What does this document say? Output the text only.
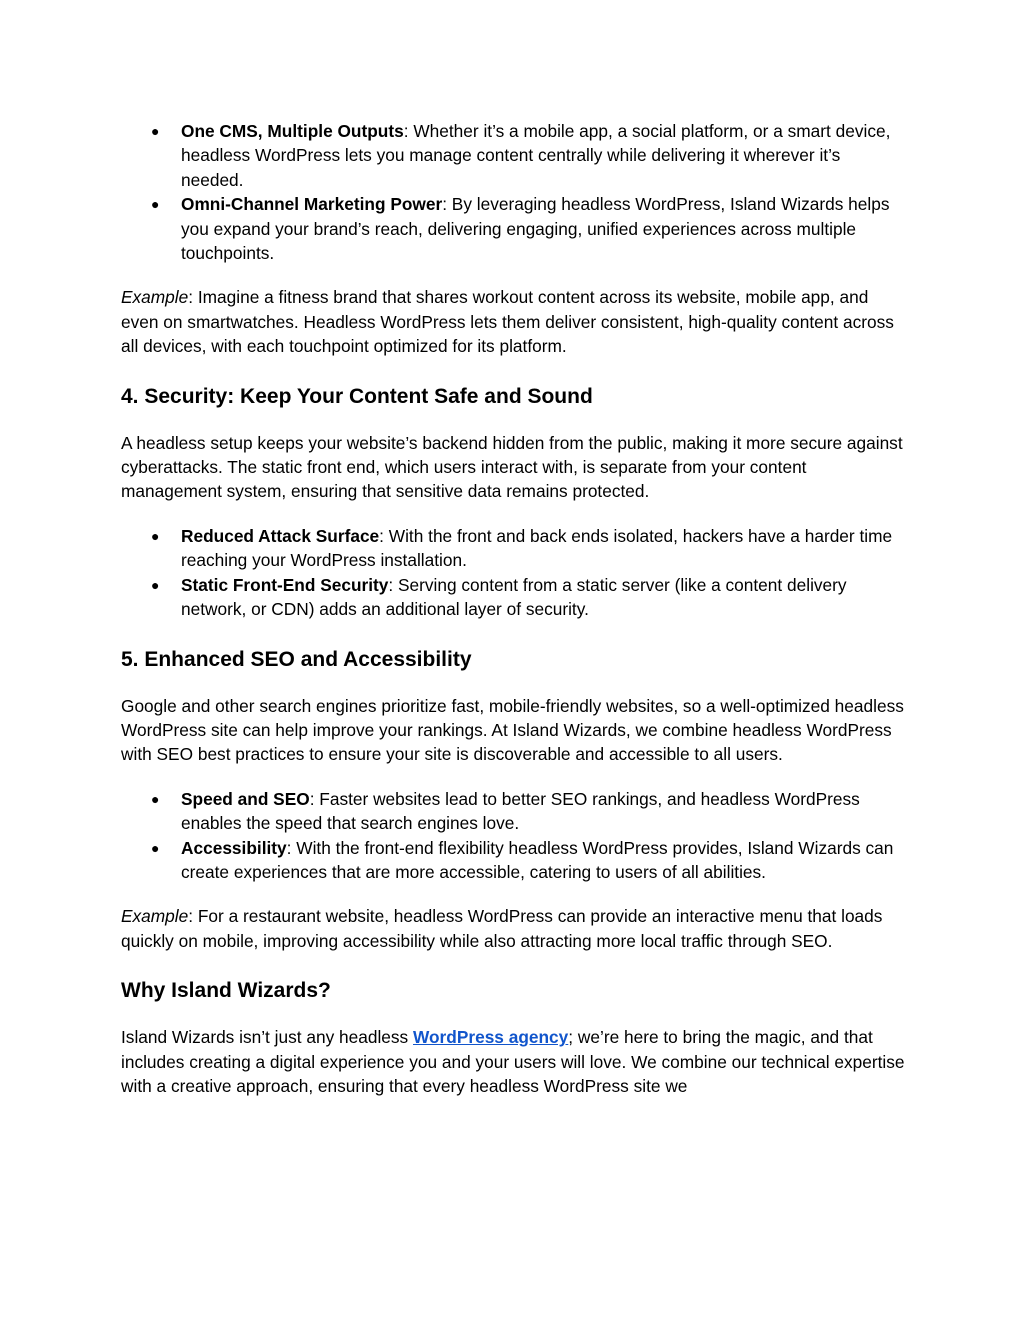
● One CMS, Multiple Outputs: Whether it’s a mobile app, a social platform, or a smart device, headless WordPress lets you manage content centrally while delivering it wherever it’s needed.
● Omni-Channel Marketing Power: By leveraging headless WordPress, Island Wizards helps you expand your brand’s reach, delivering engaging, unified experiences across multiple touchpoints.

Example: Imagine a fitness brand that shares workout content across its website, mobile app, and even on smartwatches. Headless WordPress lets them deliver consistent, high-quality content across all devices, with each touchpoint optimized for its platform.

4. Security: Keep Your Content Safe and Sound

A headless setup keeps your website’s backend hidden from the public, making it more secure against cyberattacks. The static front end, which users interact with, is separate from your content management system, ensuring that sensitive data remains protected.

● Reduced Attack Surface: With the front and back ends isolated, hackers have a harder time reaching your WordPress installation.
● Static Front-End Security: Serving content from a static server (like a content delivery network, or CDN) adds an additional layer of security.
5. Enhanced SEO and Accessibility

Google and other search engines prioritize fast, mobile-friendly websites, so a well-optimized headless WordPress site can help improve your rankings. At Island Wizards, we combine headless WordPress with SEO best practices to ensure your site is discoverable and accessible to all users.

● Speed and SEO: Faster websites lead to better SEO rankings, and headless WordPress enables the speed that search engines love.
● Accessibility: With the front-end flexibility headless WordPress provides, Island Wizards can create experiences that are more accessible, catering to users of all abilities.

Example: For a restaurant website, headless WordPress can provide an interactive menu that loads quickly on mobile, improving accessibility while also attracting more local traffic through SEO.

Why Island Wizards?

Island Wizards isn’t just any headless WordPress agency; we’re here to bring the magic, and that includes creating a digital experience you and your users will love. We combine our technical expertise with a creative approach, ensuring that every headless WordPress site we
